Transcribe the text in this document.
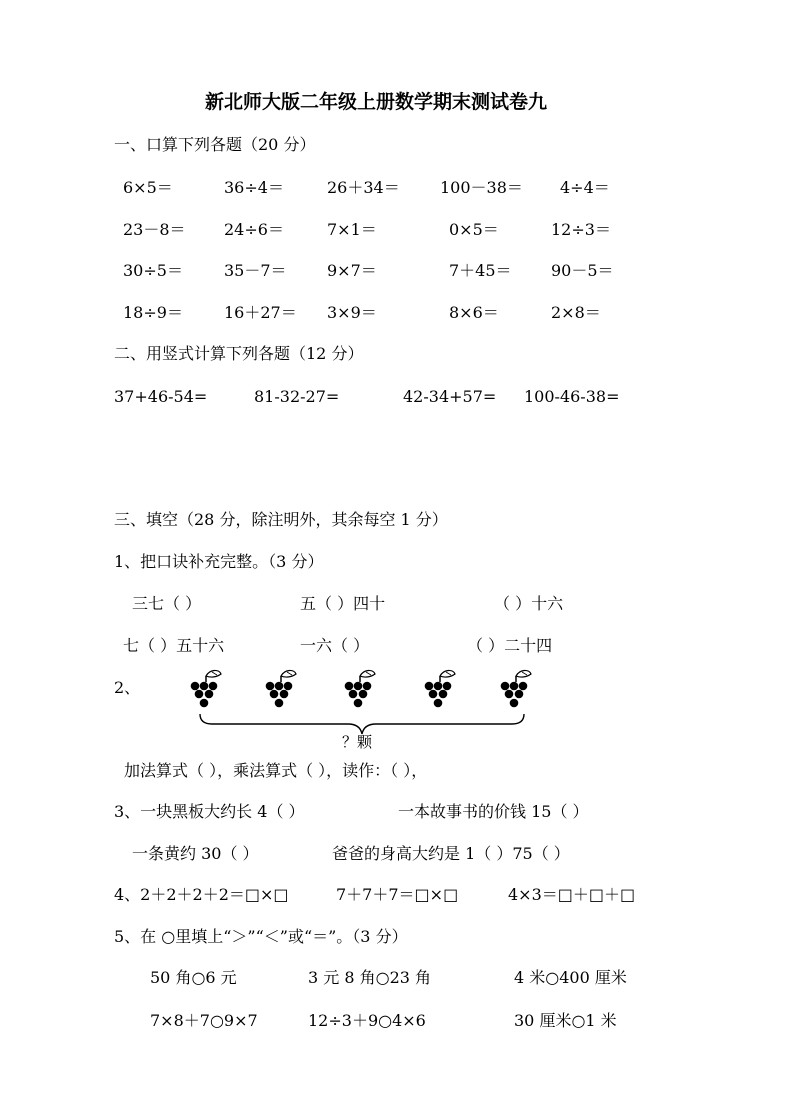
新北师大版二年级上册数学期末测试卷九
一、口算下列各题（20 分）
6×5＝	36÷4＝	26＋34＝	100－38＝ 4÷4＝
23－8＝ 24÷6＝	7×1＝	0×5＝	12÷3＝
30÷5＝	35－7＝	9×7＝	7＋45＝ 90－5＝
18÷9＝	16＋27＝ 3×9＝	8×6＝	2×8＝
二、用竖式计算下列各题（12 分）
37+46-54=	81-32-27=	42-34+57= 100-46-38=
三、填空（28 分，除注明外，其余每空 1 分）
1、把口诀补充完整。（3 分）
三七（ ）	五（ ）四十	（ ）十六
七（ ）五十六	一六（ ）	（ ）二十四
2、
？颗
加法算式（ ），乘法算式（ ），读作：（ ），
3、一块黑板大约长 4（ ）	一本故事书的价钱 15（ ）
一条黄约 30（ ）	爸爸的身高大约是 1（ ）75（ ）
4、2＋2＋2＋2＝□×□	7＋7＋7＝□×□	4×3＝□＋□＋□
5、在 ○里填上“＞”“＜”或“＝”。（3 分）
50 角○6 元	3 元 8 角○23 角	4 米○400 厘米
7×8＋7○9×7	12÷3＋9○4×6	30 厘米○1 米
